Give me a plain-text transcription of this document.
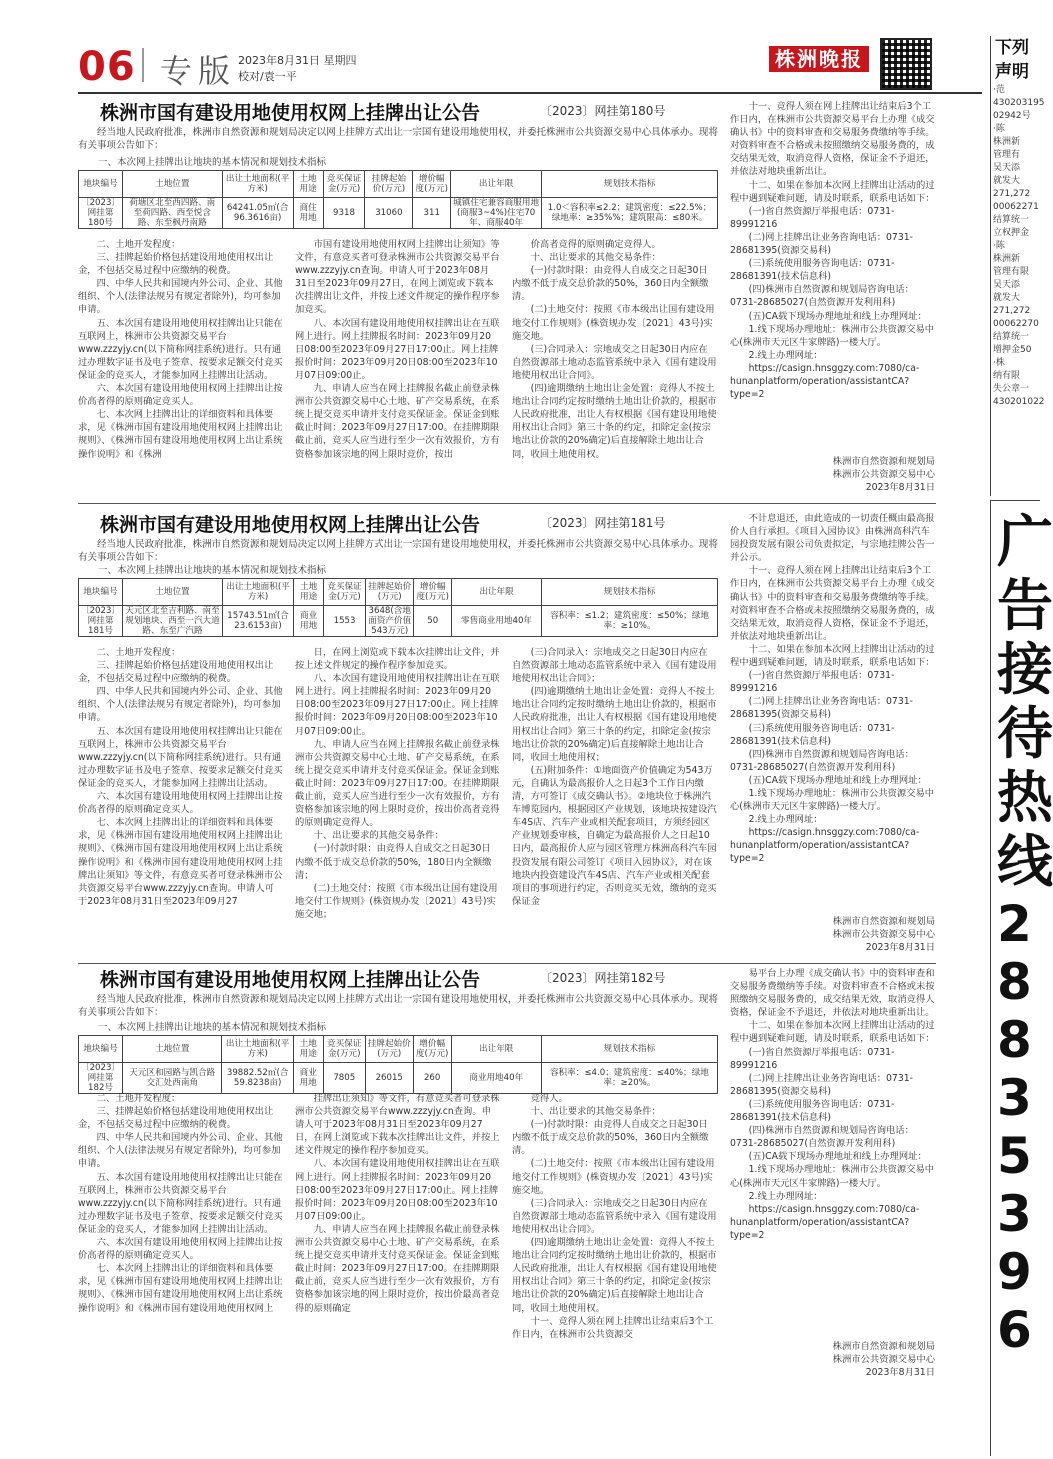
06 专版 2023年8月31日 星期四
校对/袁一平
株洲晚报
株洲市国有建设用地使用权网上挂牌出让公告	〔2023〕网挂第180号

经当地人民政府批准，株洲市自然资源和规划局决定以网上挂牌方式出让一宗国有建设用地使用权，并委托株洲市公共资源交易中心具体承办。现将有关事项公告如下：

一、本次网上挂牌出让地块的基本情况和规划技术指标
地块编号	土地位置	出让土地面积(平方米)	土地用途	竞买保证金(万元)	挂牌起始价(万元)	增价幅度(万元)	出让年限	规划技术指标
〔2023〕网挂第180号	荷塘区北至西四路、南至荷四路、西至悦含路、东至枫丹南路	64241.05㎡(合96.3616亩)	商住用地	9318	31060	311	城镇住宅兼容商服用地(商服3~4%)住宅70年、商服40年	1.0＜容积率≤2.2；建筑密度：≤22.5%；绿地率：≥35%%；建筑限高：≤80米。

二、土地开发程度：

三、挂牌起始价格包括建设用地使用权出让金，不包括交易过程中应缴纳的税费。

四、中华人民共和国境内外公司、企业、其他组织、个人(法律法规另有规定者除外)，均可参加申请。

五、本次国有建设用地使用权挂牌出让只能在互联网上，株洲市公共资源交易平台www.zzzyjy.cn(以下简称网挂系统)进行。只有通过办理数字证书及电子签章、按要求足额交付竞买保证金的竞买人，才能参加网上挂牌出让活动。

六、本次国有建设用地使用权网上挂牌出让按价高者得的原则确定竞买人。

七、本次网上挂牌出让的详细资料和具体要求，见《株洲市国有建设用地使用权网上挂牌出让规则》、《株洲市国有建设用地使用权网上出让系统操作说明》和《株洲

市国有建设用地使用权网上挂牌出让须知》等文件，有意竞买者可登录株洲市公共资源交易平台www.zzzyjy.cn查询。申请人可于2023年08月31日至2023年09月27日，在网上浏览或下载本次挂牌出让文件，并按上述文件规定的操作程序参加竞买。

八、本次国有建设用地使用权挂牌出让在互联网上进行。网上挂牌报名时间：2023年09月20日08:00至2023年09月27日17:00止。网上挂牌报价时间：2023年09月20日08:00至2023年10月07日09:00止。

九、申请人应当在网上挂牌报名截止前登录株洲市公共资源交易中心土地、矿产交易系统，在系统上提交竞买申请并支付竞买保证金。保证金到账截止时间：2023年09月27日17:00。在挂牌期限截止前，竞买人应当进行至少一次有效报价，方有资格参加该宗地的网上限时竞价，按出

价高者竞得的原则确定竞得人。

十、出让要求的其他交易条件：

(一)付款时限：由竞得人自成交之日起30日内缴不低于成交总价款的50%，360日内全额缴清。

(二)土地交付：按照《市本级出让国有建设用地交付工作规则》(株资规办发〔2021〕43号)实施交地。

(三)合同录入：宗地成交之日起30日内应在自然资源部土地动态监管系统中录入《国有建设用地使用权出让合同》。

(四)逾期缴纳土地出让金处置：竞得人不按土地出让合同约定按时缴纳土地出让价款的，根据市人民政府批准，出让人有权根据《国有建设用地使用权出让合同》第三十条的约定，扣除定金(按宗地出让价款的20%确定)后直接解除土地出让合同，收回土地使用权。

十一、竞得人须在网上挂牌出让结束后3个工作日内，在株洲市公共资源交易平台上办理《成交确认书》中的资料审查和交易服务费缴纳等手续。对资料审查不合格或未按照缴纳交易服务费的，成交结果无效，取消竞得人资格，保证金不予退还，并依法对地块重新出让。

十二、如果在参加本次网上挂牌出让活动的过程中遇到疑难问题，请及时联系，联系电话如下：

(一)省自然资源厅举报电话：0731-89991216

(二)网上挂牌出让业务咨询电话：0731-28681395(资源交易科)

(三)系统使用服务咨询电话：0731-28681391(技术信息科)

(四)株洲市自然资源和规划局咨询电话：0731-28685027(自然资源开发利用科)

(五)CA载下现场办理地址和线上办理网址：

1.线下现场办理地址：株洲市公共资源交易中心(株洲市天元区牛家牌路)一楼大厅。

2.线上办理网址：

https://casign.hnsggzy.com:7080/ca-hunanplatform/operation/assistantCA?type=2

株洲市自然资源和规划局
株洲市公共资源交易中心
2023年8月31日
株洲市国有建设用地使用权网上挂牌出让公告	〔2023〕网挂第181号

经当地人民政府批准，株洲市自然资源和规划局决定以网上挂牌方式出让一宗国有建设用地使用权，并委托株洲市公共资源交易中心具体承办。现将有关事项公告如下：

一、本次网上挂牌出让地块的基本情况和规划技术指标
地块编号	土地位置	出让土地面积(平方米)	土地用途	竞买保证金(万元)	挂牌起始价(万元)	增价幅度(万元)	出让年限	规划技术指标
〔2023〕网挂第181号	天元区北至吉利路、南至规划地块、西至一汽大道路、东至广汽路	15743.51㎡(合23.6153亩)	商业用地	1553	3648(含地面资产价值543万元)	50	零售商业用地40年	容积率：≤1.2；建筑密度：≤50%；绿地率：≥10%。

二、土地开发程度：

三、挂牌起始价格包括建设用地使用权出让金，不包括交易过程中应缴纳的税费。

四、中华人民共和国境内外公司、企业、其他组织、个人(法律法规另有规定者除外)，均可参加申请。

五、本次国有建设用地使用权挂牌出让只能在互联网上，株洲市公共资源交易平台www.zzzyjy.cn(以下简称网挂系统)进行。只有通过办理数字证书及电子签章、按要求足额交付竞买保证金的竞买人，才能参加网上挂牌出让活动。

六、本次国有建设用地使用权网上挂牌出让按价高者得的原则确定竞买人。

七、本次网上挂牌出让的详细资料和具体要求，见《株洲市国有建设用地使用权网上挂牌出让规则》、《株洲市国有建设用地使用权网上出让系统操作说明》和《株洲市国有建设用地使用权网上挂牌出让须知》等文件，有意竞买者可登录株洲市公共资源交易平台www.zzzyjy.cn查询。申请人可于2023年08月31日至2023年09月27

日，在网上浏览或下载本次挂牌出让文件，并按上述文件规定的操作程序参加竞买。

八、本次国有建设用地使用权挂牌出让在互联网上进行。网上挂牌报名时间：2023年09月20日08:00至2023年09月27日17:00止。网上挂牌报价时间：2023年09月20日08:00至2023年10月07日09:00止。

九、申请人应当在网上挂牌报名截止前登录株洲市公共资源交易中心土地、矿产交易系统，在系统上提交竞买申请并支付竞买保证金。保证金到账截止时间：2023年09月27日17:00。在挂牌期限截止前，竞买人应当进行至少一次有效报价，方有资格参加该宗地的网上限时竞价，按出价高者竞得的原则确定竞得人。

十、出让要求的其他交易条件：

(一)付款时限：由竞得人自成交之日起30日内缴不低于成交总价款的50%，180日内全额缴清；

(二)土地交付：按照《市本级出让国有建设用地交付工作规则》(株资规办发〔2021〕43号)实施交地；

(三)合同录入：宗地成交之日起30日内应在自然资源部土地动态监管系统中录入《国有建设用地使用权出让合同》；

(四)逾期缴纳土地出让金处置：竞得人不按土地出让合同约定按时缴纳土地出让价款的，根据市人民政府批准，出让人有权根据《国有建设用地使用权出让合同》第三十条的约定，扣除定金(按宗地出让价款的20%确定)后直接解除土地出让合同，收回土地使用权；

(五)附加条件：①地面资产价值确定为543万元，自确认为最高报价人之日起3个工作日内缴清，方可签订《成交确认书》。②地块位于株洲汽车博览园内，根据园区产业规划，该地块按建设汽车4S店、汽车产业或相关配套项目，方须经园区产业规划委审核，自确定为最高报价人之日起10日内，最高报价人应与园区管理方株洲高科汽车园投资发展有限公司签订《项目入园协议》，对在该地块内投资建设汽车4S店、汽车产业或相关配套项目的事项进行约定，否则竞买无效，缴纳的竞买保证金

不计息退还，由此造成的一切责任概由最高报价人自行承担。《项目入园协议》由株洲高科汽车园投资发展有限公司负责拟定，与宗地挂牌公告一并公示。

十一、竞得人须在网上挂牌出让结束后3个工作日内，在株洲市公共资源交易平台上办理《成交确认书》中的资料审查和交易服务费缴纳等手续。对资料审查不合格或未按照缴纳交易服务费的，成交结果无效，取消竞得人资格，保证金不予退还，并依法对地块重新出让。

十二、如果在参加本次网上挂牌出让活动的过程中遇到疑难问题，请及时联系，联系电话如下：

(一)省自然资源厅举报电话：0731-89991216

(二)网上挂牌出让业务咨询电话：0731-28681395(资源交易科)

(三)系统使用服务咨询电话：0731-28681391(技术信息科)

(四)株洲市自然资源和规划局咨询电话：0731-28685027(自然资源开发利用科)

(五)CA载下现场办理地址和线上办理网址：

1.线下现场办理地址：株洲市公共资源交易中心(株洲市天元区牛家牌路)一楼大厅。

2.线上办理网址：

https://casign.hnsggzy.com:7080/ca-hunanplatform/operation/assistantCA?type=2

株洲市自然资源和规划局
株洲市公共资源交易中心
2023年8月31日
株洲市国有建设用地使用权网上挂牌出让公告	〔2023〕网挂第182号

经当地人民政府批准，株洲市自然资源和规划局决定以网上挂牌方式出让一宗国有建设用地使用权，并委托株洲市公共资源交易中心具体承办。现将有关事项公告如下：

一、本次网上挂牌出让地块的基本情况和规划技术指标
地块编号	土地位置	出让土地面积(平方米)	土地用途	竞买保证金(万元)	挂牌起始价(万元)	增价幅度(万元)	出让年限	规划技术指标
〔2023〕网挂第182号	天元区和园路与凯合路交汇处西南角	39882.52㎡(合59.8238亩)	商业用地	7805	26015	260	商业用地40年	容积率：≤4.0；建筑密度：≤40%；绿地率：≥20%。

二、土地开发程度：

三、挂牌起始价格包括建设用地使用权出让金，不包括交易过程中应缴纳的税费。

四、中华人民共和国境内外公司、企业、其他组织、个人(法律法规另有规定者除外)，均可参加申请。

五、本次国有建设用地使用权挂牌出让只能在互联网上，株洲市公共资源交易平台www.zzzyjy.cn(以下简称网挂系统)进行。只有通过办理数字证书及电子签章、按要求足额交付竞买保证金的竞买人，才能参加网上挂牌出让活动。

六、本次国有建设用地使用权网上挂牌出让按价高者得的原则确定竞买人。

七、本次网上挂牌出让的详细资料和具体要求，见《株洲市国有建设用地使用权网上挂牌出让规则》、《株洲市国有建设用地使用权网上出让系统操作说明》和《株洲市国有建设用地使用权网上

挂牌出让须知》等文件，有意竞买者可登录株洲市公共资源交易平台www.zzzyjy.cn查询。申请人可于2023年08月31日至2023年09月27日，在网上浏览或下载本次挂牌出让文件，并按上述文件规定的操作程序参加竞买。

八、本次国有建设用地使用权挂牌出让在互联网上进行。网上挂牌报名时间：2023年09月20日08:00至2023年09月27日17:00止。网上挂牌报价时间：2023年09月20日08:00至2023年10月07日09:00止。

九、申请人应当在网上挂牌报名截止前登录株洲市公共资源交易中心土地、矿产交易系统，在系统上提交竞买申请并支付竞买保证金。保证金到账截止时间：2023年09月27日17:00。在挂牌期限截止前，竞买人应当进行至少一次有效报价，方有资格参加该宗地的网上限时竞价，按出价最高者竞得的原则确定

竞得人。

十、出让要求的其他交易条件：

(一)付款时限：由竞得人自成交之日起30日内缴不低于成交总价款的50%，360日内全额缴清。

(二)土地交付：按照《市本级出让国有建设用地交付工作规则》(株资规办发〔2021〕43号)实施交地。

(三)合同录入：宗地成交之日起30日内应在自然资源部土地动态监管系统中录入《国有建设用地使用权出让合同》。

(四)逾期缴纳土地出让金处置：竞得人不按土地出让合同约定按时缴纳土地出让价款的，根据市人民政府批准，出让人有权根据《国有建设用地使用权出让合同》第三十条的约定，扣除定金(按宗地出让价款的20%确定)后直接解除土地出让合同，收回土地使用权。

十一、竞得人须在网上挂牌出让结束后3个工作日内，在株洲市公共资源交

易平台上办理《成交确认书》中的资料审查和交易服务费缴纳等手续。对资料审查不合格或未按照缴纳交易服务费的，成交结果无效，取消竞得人资格，保证金不予退还，并依法对地块重新出让。

十二、如果在参加本次网上挂牌出让活动的过程中遇到疑难问题，请及时联系，联系电话如下：

(一)省自然资源厅举报电话：0731-89991216

(二)网上挂牌出让业务咨询电话：0731-28681395(资源交易科)

(三)系统使用服务咨询电话：0731-28681391(技术信息科)

(四)株洲市自然资源和规划局咨询电话：0731-28685027(自然资源开发利用科)

(五)CA载下现场办理地址和线上办理网址：

1.线下现场办理地址：株洲市公共资源交易中心(株洲市天元区牛家牌路)一楼大厅。

2.线上办理网址：

https://casign.hnsggzy.com:7080/ca-hunanplatform/operation/assistantCA?type=2

株洲市自然资源和规划局
株洲市公共资源交易中心
2023年8月31日
下列
声明
·范
430203195
02942号
·陈
株洲新
管理有
吴天添
就发大
271,272
00062271
结算统一
立权押金
·陈
株洲新
管理有限
吴天添
就发大
271,272
00062270
结算统一
增押金50
·株
纳有限
失公章一
430201022
广
告
接
待
热
线
2
8
8
3
5
3
9
6
